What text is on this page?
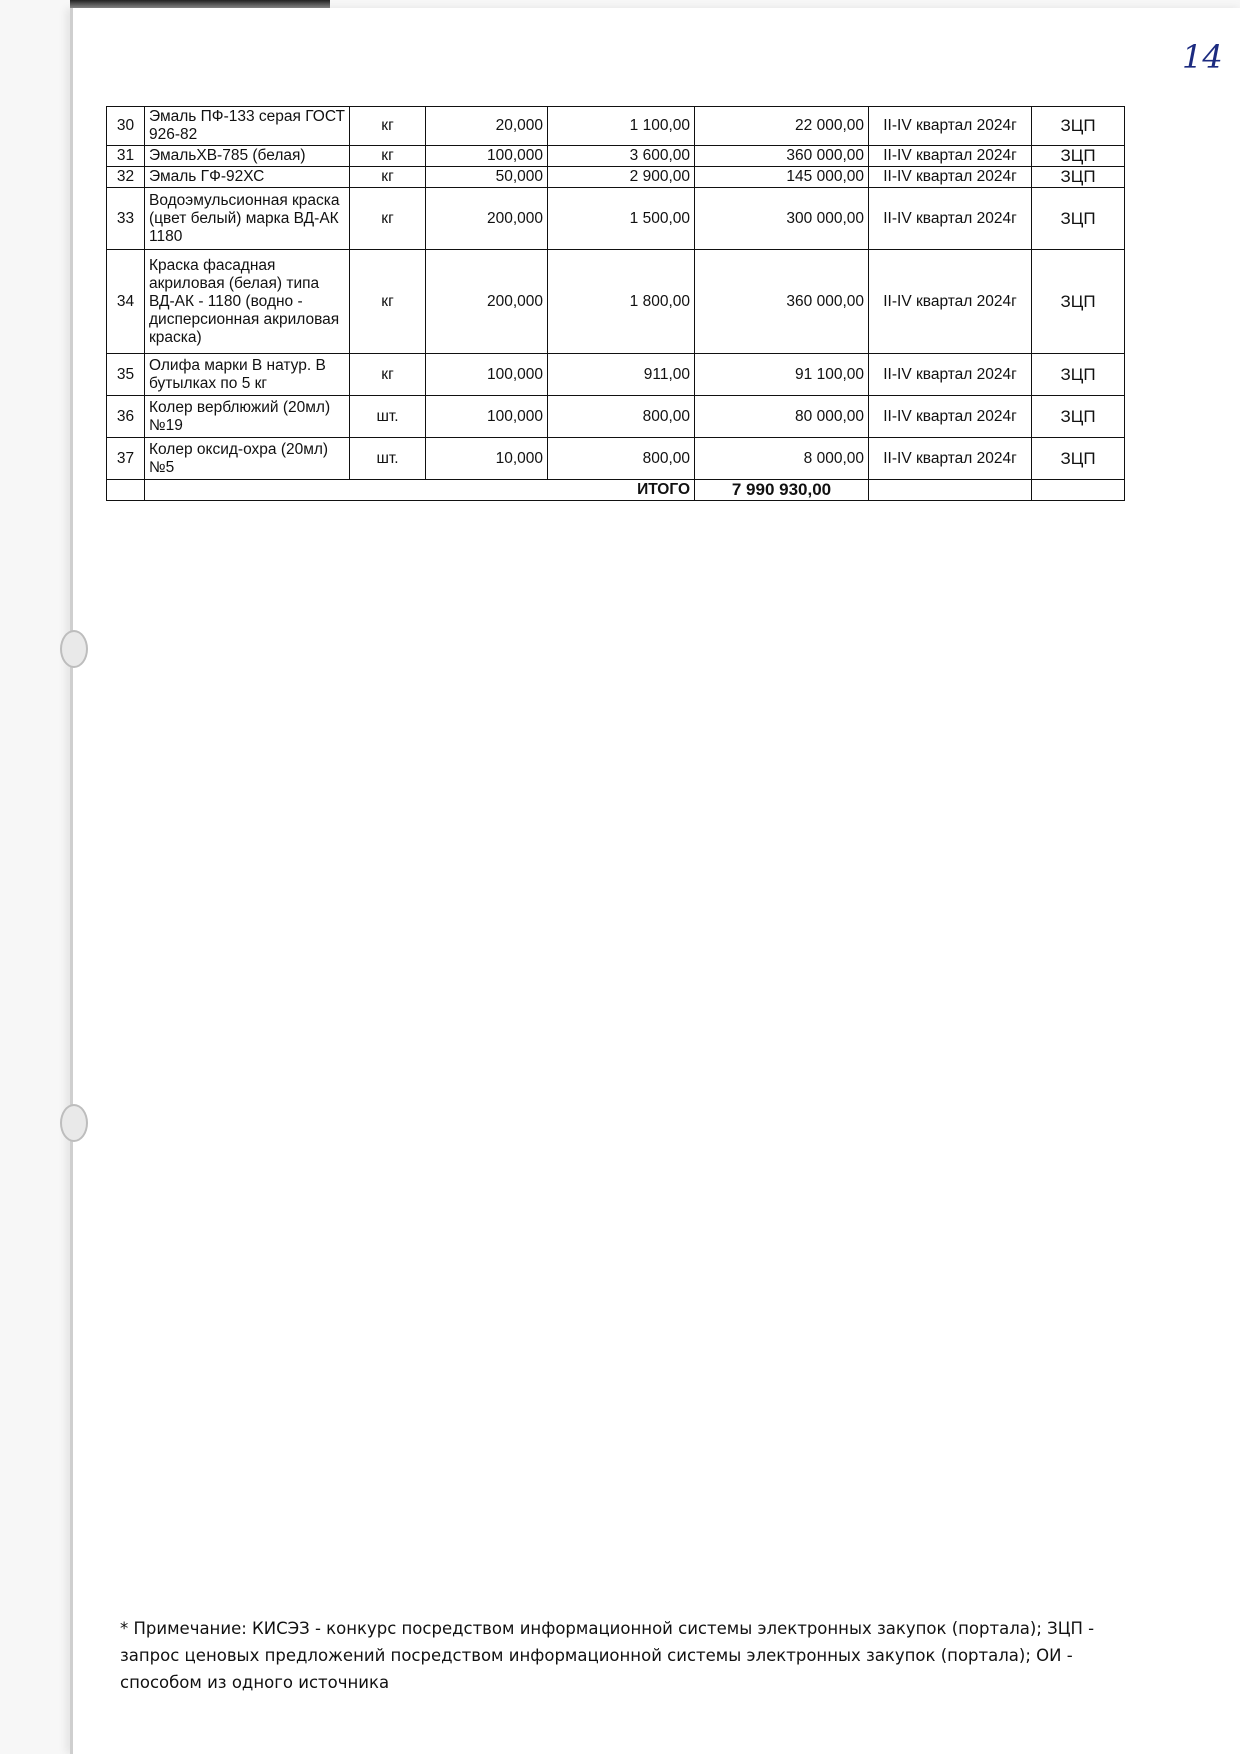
14
30	Эмаль ПФ-133 серая ГОСТ 926-82	кг	20,000	1 100,00	22 000,00	II-IV квартал 2024г	ЗЦП
31	ЭмальХВ-785 (белая)	кг	100,000	3 600,00	360 000,00	II-IV квартал 2024г	ЗЦП
32	Эмаль ГФ-92ХС	кг	50,000	2 900,00	145 000,00	II-IV квартал 2024г	ЗЦП
33	Водоэмульсионная краска (цвет белый) марка ВД-АК 1180	кг	200,000	1 500,00	300 000,00	II-IV квартал 2024г	ЗЦП
34	Краска фасадная акриловая (белая) типа ВД-АК - 1180 (водно - дисперсионная акриловая краска)	кг	200,000	1 800,00	360 000,00	II-IV квартал 2024г	ЗЦП
35	Олифа марки В натур. В бутылках по 5 кг	кг	100,000	911,00	91 100,00	II-IV квартал 2024г	ЗЦП
36	Колер верблюжий (20мл) №19	шт.	100,000	800,00	80 000,00	II-IV квартал 2024г	ЗЦП
37	Колер оксид-охра (20мл) №5	шт.	10,000	800,00	8 000,00	II-IV квартал 2024г	ЗЦП
	ИТОГО				7 990 930,00		
* Примечание: КИСЭЗ - конкурс посредством информационной системы электронных закупок (портала); ЗЦП - запрос ценовых предложений посредством информационной системы электронных закупок (портала); ОИ - способом из одного источника
